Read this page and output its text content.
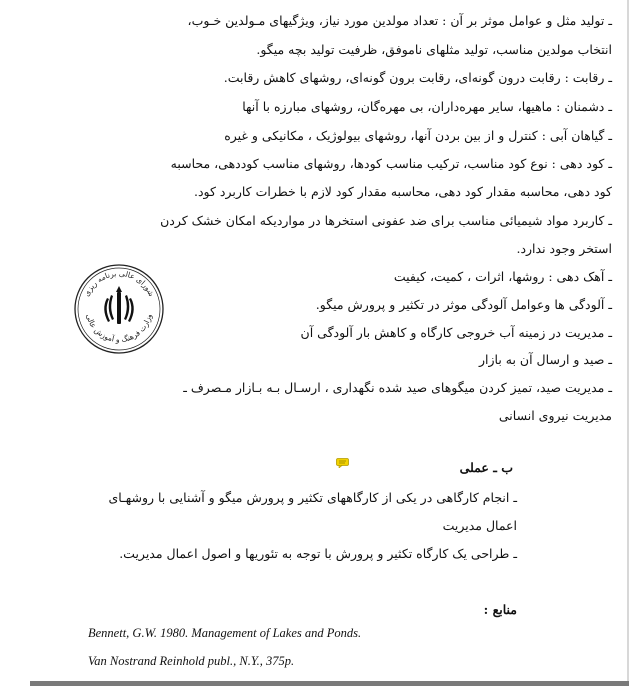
ـ تولید مثل و عوامل موثر بر آن : تعداد مولدین مورد نیاز، ویژگیهای مـولدین خـوب،
انتخاب مولدین مناسب، تولید مثلهای ناموفق، ظرفیت تولید بچه میگو.
ـ رقابت : رقابت درون گونه‌ای، رقابت برون گونه‌ای، روشهای کاهش رقابت.
ـ دشمنان : ماهیها، سایر مهره‌داران، بی مهره‌گان، روشهای مبارزه با آنها
ـ گیاهان آبی : کنترل و از بین بردن آنها، روشهای بیولوژیک ، مکانیکی و غیره
ـ کود دهی : نوع کود مناسب، ترکیب مناسب کودها، روشهای مناسب کوددهی، محاسبه
کود دهی، محاسبه مقدار کود دهی، محاسبه مقدار کود لازم با خطرات کاربرد کود.
ـ کاربرد مواد شیمیائی مناسب برای ضد عفونی استخرها در مواردیکه امکان خشک کردن
استخر وجود ندارد.
ـ آهک دهی : روشها، اثرات ، کمیت، کیفیت
ـ آلودگی ها وعوامل آلودگی موثر در تکثیر و پرورش میگو.
ـ مدیریت در زمینه آب خروجی کارگاه و کاهش بار آلودگی آن
ـ صید و ارسال آن به بازار
ـ مدیریت صید، تمیز کردن میگوهای صید شده نگهداری ، ارسـال بـه بـازار مـصرف ـ
مدیریت نیروی انسانی
شورای عالی برنامه ریزی
وزارت فرهنگ و آموزش عالی
ب ـ عملی
ـ انجام کارگاهی در یکی از کارگاههای تکثیر و پرورش میگو و آشنایی با روشهـای
اعمال مدیریت
ـ طراحی یک کارگاه تکثیر و پرورش با توجه به تئوریها و اصول اعمال مدیریت.
منابع :
Bennett, G.W. 1980. Management of Lakes and Ponds.
Van Nostrand Reinhold publ., N.Y., 375p.
